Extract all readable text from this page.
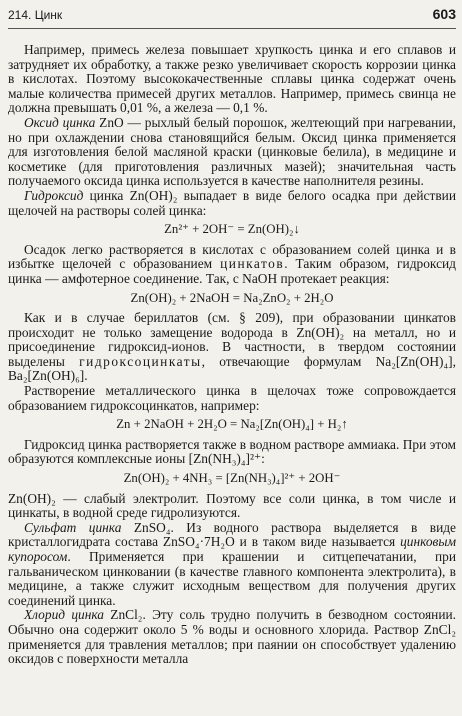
214. Цинк	603

Например, примесь железа повышает хрупкость цинка и его сплавов и затрудняет их обработку, а также резко увеличивает скорость коррозии цинка в кислотах. Поэтому высококачественные сплавы цинка содержат очень малые количества примесей других металлов. Например, примесь свинца не должна превышать 0,01 %, а железа — 0,1 %.

Оксид цинка ZnO — рыхлый белый порошок, желтеющий при нагревании, но при охлаждении снова становящийся белым. Оксид цинка применяется для изготовления белой масляной краски (цинковые белила), в медицине и косметике (для приготовления различных мазей); значительная часть получаемого оксида цинка используется в качестве наполнителя резины.

Гидроксид цинка Zn(OH)₂ выпадает в виде белого осадка при действии щелочей на растворы солей цинка:

Zn²⁺ + 2OH⁻ = Zn(OH)₂↓

Осадок легко растворяется в кислотах с образованием солей цинка и в избытке щелочей с образованием цинкатов. Таким образом, гидроксид цинка — амфотерное соединение. Так, с NaOH протекает реакция:

Zn(OH)₂ + 2NaOH = Na₂ZnO₂ + 2H₂O

Как и в случае бериллатов (см. § 209), при образовании цинкатов происходит не только замещение водорода в Zn(OH)₂ на металл, но и присоединение гидроксид-ионов. В частности, в твердом состоянии выделены гидроксоцинкаты, отвечающие формулам Na₂[Zn(OH)₄], Ba₂[Zn(OH)₆].

Растворение металлического цинка в щелочах тоже сопровождается образованием гидроксоцинкатов, например:

Zn + 2NaOH + 2H₂O = Na₂[Zn(OH)₄] + H₂↑

Гидроксид цинка растворяется также в водном растворе аммиака. При этом образуются комплексные ионы [Zn(NH₃)₄]²⁺:

Zn(OH)₂ + 4NH₃ = [Zn(NH₃)₄]²⁺ + 2OH⁻

Zn(OH)₂ — слабый электролит. Поэтому все соли цинка, в том числе и цинкаты, в водной среде гидролизуются.

Сульфат цинка ZnSO₄. Из водного раствора выделяется в виде кристаллогидрата состава ZnSO₄·7H₂O и в таком виде называется цинковым купоросом. Применяется при крашении и ситцепечатании, при гальваническом цинковании (в качестве главного компонента электролита), в медицине, а также служит исходным веществом для получения других соединений цинка.

Хлорид цинка ZnCl₂. Эту соль трудно получить в безводном состоянии. Обычно она содержит около 5 % воды и основного хлорида. Раствор ZnCl₂ применяется для травления металлов; при паянии он способствует удалению оксидов с поверхности металла
